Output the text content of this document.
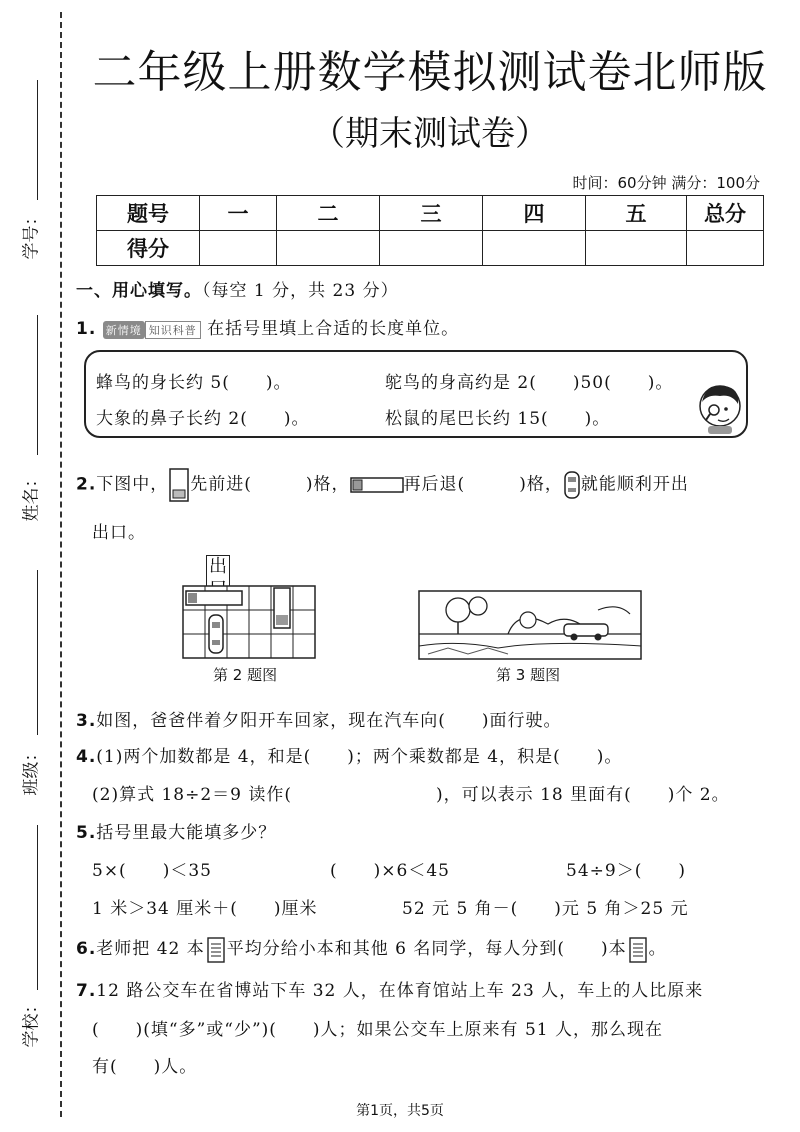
学号：
姓名：
班级：
学校：
二年级上册数学模拟测试卷北师版
（期末测试卷）
时间：60分钟 满分：100分
题号	一	二	三	四	五	总分
得分						
一、用心填写。（每空 1 分，共 23 分）
1. 新情境 知识科普 在括号里填上合适的长度单位。
蜂鸟的身长约 5(　　)。	鸵鸟的身高约是 2(　　)50(　　)。
大象的鼻子长约 2(　　)。	松鼠的尾巴长约 15(　　)。
2.下图中， 先前进(　　　)格，	再后退(　　　)格， 就能顺利开出
出口。
出
第 2 题图	第 3 题图
3.如图，爸爸伴着夕阳开车回家，现在汽车向(　　)面行驶。
4.(1)两个加数都是 4，和是(　　)；两个乘数都是 4，积是(　　)。
(2)算式 18÷2＝9 读作(　　　　　　　　)，可以表示 18 里面有(　　)个 2。
5.括号里最大能填多少？
5×(　　)＜35	(　　)×6＜45	54÷9＞(　　)
1 米＞34 厘米＋(　　)厘米	52 元 5 角－(　　)元 5 角＞25 元
6.老师把 42 本 平均分给小本和其他 6 名同学，每人分到(　　)本 。
7.12 路公交车在省博站下车 32 人，在体育馆站上车 23 人，车上的人比原来
(　　)(填“多”或“少”)(　　)人；如果公交车上原来有 51 人，那么现在
有(　　)人。
第1页，共5页
